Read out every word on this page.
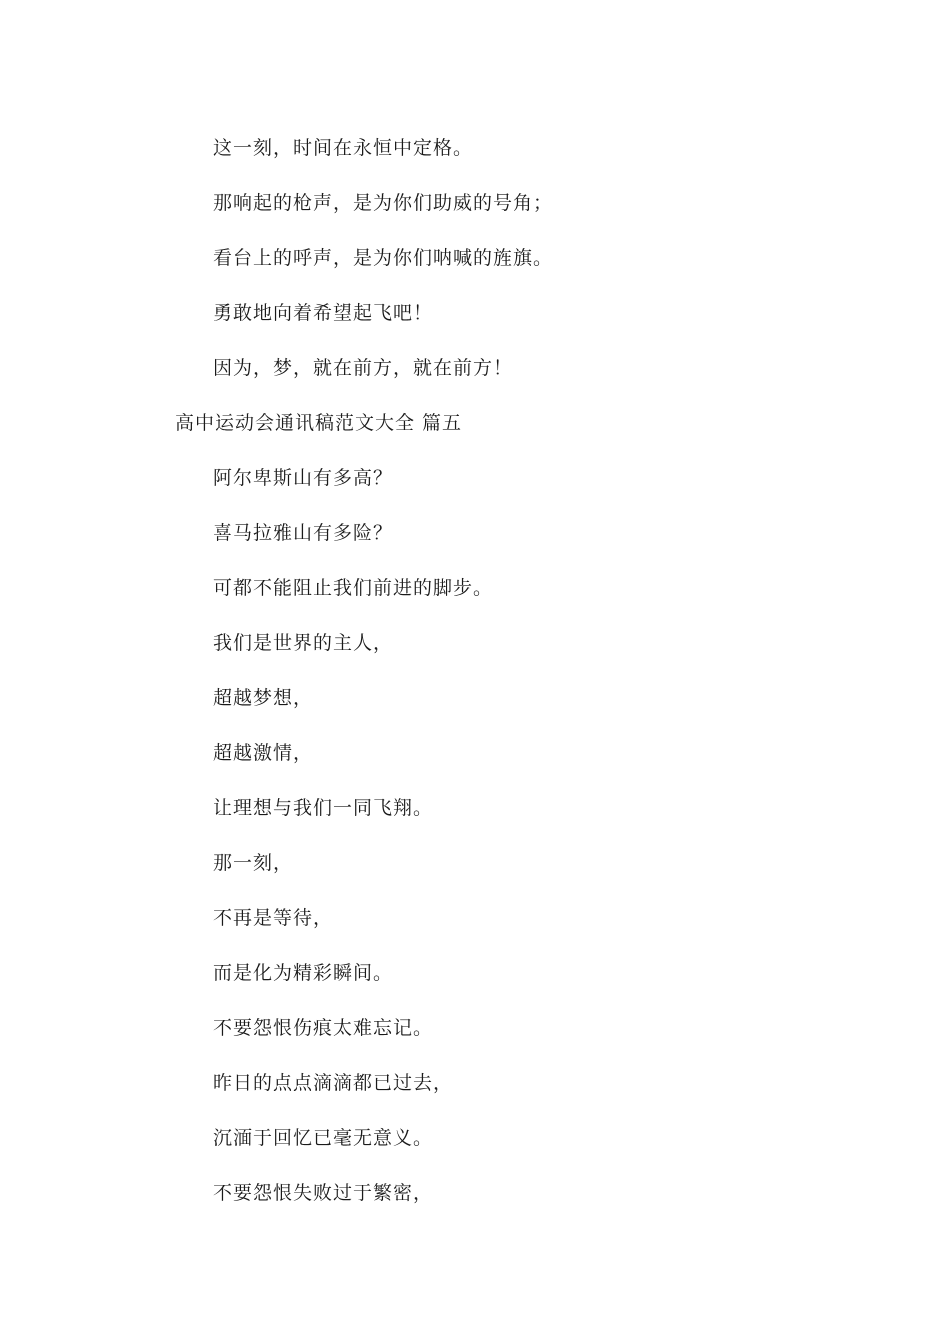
这一刻，时间在永恒中定格。
那响起的枪声，是为你们助威的号角；
看台上的呼声，是为你们呐喊的旌旗。
勇敢地向着希望起飞吧！
因为，梦，就在前方，就在前方！
高中运动会通讯稿范文大全 篇五
阿尔卑斯山有多高？
喜马拉雅山有多险？
可都不能阻止我们前进的脚步。
我们是世界的主人，
超越梦想，
超越激情，
让理想与我们一同飞翔。
那一刻，
不再是等待，
而是化为精彩瞬间。
不要怨恨伤痕太难忘记。
昨日的点点滴滴都已过去，
沉湎于回忆已毫无意义。
不要怨恨失败过于繁密，
